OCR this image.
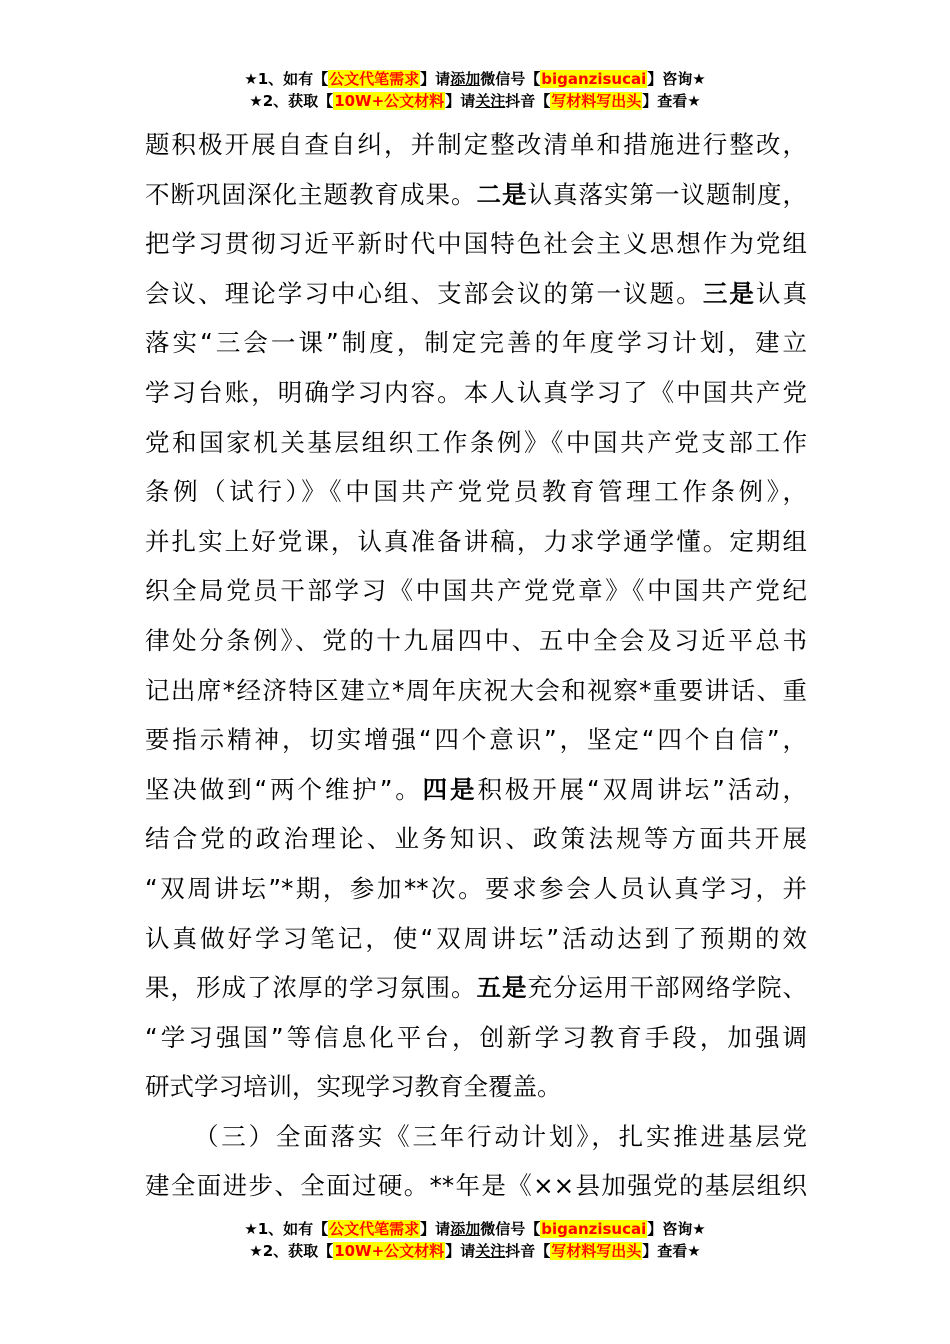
★1、如有【公文代笔需求】请添加微信号【biganzisucai】咨询★
★2、获取【10W+公文材料】请关注抖音【写材料写出头】查看★
题积极开展自查自纠，并制定整改清单和措施进行整改，
不断巩固深化主题教育成果。二是认真落实第一议题制度，
把学习贯彻习近平新时代中国特色社会主义思想作为党组
会议、理论学习中心组、支部会议的第一议题。三是认真
落实“三会一课”制度，制定完善的年度学习计划，建立
学习台账，明确学习内容。本人认真学习了《中国共产党
党和国家机关基层组织工作条例》《中国共产党支部工作
条例（试行）》《中国共产党党员教育管理工作条例》，
并扎实上好党课，认真准备讲稿，力求学通学懂。定期组
织全局党员干部学习《中国共产党党章》《中国共产党纪
律处分条例》、党的十九届四中、五中全会及习近平总书
记出席*经济特区建立*周年庆祝大会和视察*重要讲话、重
要指示精神，切实增强“四个意识”，坚定“四个自信”，
坚决做到“两个维护”。四是积极开展“双周讲坛”活动，
结合党的政治理论、业务知识、政策法规等方面共开展
“双周讲坛”*期，参加**次。要求参会人员认真学习，并
认真做好学习笔记，使“双周讲坛”活动达到了预期的效
果，形成了浓厚的学习氛围。五是充分运用干部网络学院、
“学习强国”等信息化平台，创新学习教育手段，加强调
研式学习培训，实现学习教育全覆盖。
（三）全面落实《三年行动计划》，扎实推进基层党
建全面进步、全面过硬。**年是《××县加强党的基层组织
★1、如有【公文代笔需求】请添加微信号【biganzisucai】咨询★
★2、获取【10W+公文材料】请关注抖音【写材料写出头】查看★
